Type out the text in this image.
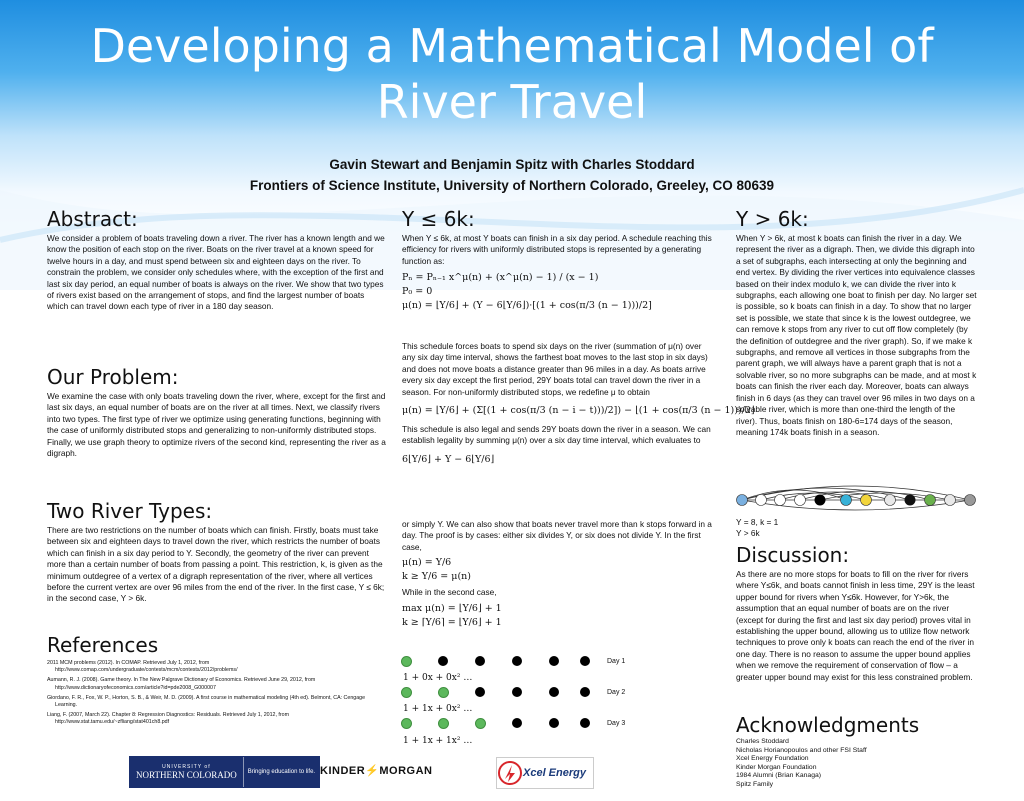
Developing a Mathematical Model of
River Travel
Gavin Stewart and Benjamin Spitz with Charles Stoddard
Frontiers of Science Institute, University of Northern Colorado, Greeley, CO 80639
Abstract:

We consider a problem of boats traveling down a river. The river has a known length and we know the position of each stop on the river. Boats on the river travel at a known speed for twelve hours in a day, and must spend between six and eighteen days on the river. To constrain the problem, we consider only schedules where, with the exception of the first and last six day period, an equal number of boats is always on the river. We show that two types of rivers exist based on the arrangement of stops, and find the largest number of boats which can travel down each type of river in a 180 day season.

Our Problem:

We examine the case with only boats traveling down the river, where, except for the first and last six days, an equal number of boats are on the river at all times. Next, we classify rivers into two types. The first type of river we optimize using generating functions, beginning with the case of uniformly distributed stops and generalizing to non-uniformly distributed stops. Finally, we use graph theory to optimize rivers of the second kind, representing the river as a digraph.

Two River Types:

There are two restrictions on the number of boats which can finish. Firstly, boats must take between six and eighteen days to travel down the river, which restricts the number of boats which can finish in a six day period to Y. Secondly, the geometry of the river can prevent more than a certain number of boats from passing a point. This restriction, k, is given as the minimum outdegree of a vertex of a digraph representation of the river, where all vertices before the current vertex are over 96 miles from the end of the river. In the first case, Y ≤ 6k; in the second case, Y > 6k.

References

2011 MCM problems (2012). In COMAP. Retrieved July 1, 2012, from http://www.comap.com/undergraduate/contests/mcm/contests/2012/problems/

Aumann, R. J. (2008). Game theory. In The New Palgrave Dictionary of Economics. Retrieved June 29, 2012, from http://www.dictionaryofeconomics.com/article?id=pde2008_G000007

Giordano, F. R., Fox, W. P., Horton, S. B., & Weir, M. D. (2009). A first course in mathematical modeling (4th ed). Belmont, CA: Cengage Learning.

Liang, F. (2007, March 22). Chapter 8: Regression Diagnostics: Residuals. Retrieved July 1, 2012, from http://www.stat.tamu.edu/~zfliang/stat401ch8.pdf

Y ≤ 6k:

When Y ≤ 6k, at most Y boats can finish in a six day period. A schedule reaching this efficiency for rivers with uniformly distributed stops is represented by a generating function as:

Pₙ = Pₙ₋₁ x^μ(n) + (x^μ(n) − 1) / (x − 1)
P₀ = 0
μ(n) = ⌊Y/6⌋ + (Y − 6⌊Y/6⌋)·[(1 + cos(π/3 (n − 1)))/2]

This schedule forces boats to spend six days on the river (summation of μ(n) over any six day time interval, shows the farthest boat moves to the last stop in six days) and does not move boats a distance greater than 96 miles in a day. As boats arrive every six day except the first period, 29Y boats total can travel down the river in a season. For non-uniformly distributed stops, we redefine μ to obtain

μ(n) = ⌊Y/6⌋ + (Σ[(1 + cos(π/3 (n − i − t)))/2]) − ⌊(1 + cos(π/3 (n − 1)))/2⌋

This schedule is also legal and sends 29Y boats down the river in a season. We can establish legality by summing μ(n) over a six day time interval, which evaluates to

6⌊Y/6⌋ + Y − 6⌊Y/6⌋

or simply Y. We can also show that boats never travel more than k stops forward in a day. The proof is by cases: either six divides Y, or six does not divide Y. In the first case,

μ(n) = Y/6
k ≥ Y/6 = μ(n)

While in the second case,

max μ(n) = ⌊Y/6⌋ + 1
k ≥ ⌈Y/6⌉ = ⌊Y/6⌋ + 1
Day 1
1 + 0x + 0x² …
Day 2
1 + 1x + 0x² …
Day 3
1 + 1x + 1x² …
Y > 6k:

When Y > 6k, at most k boats can finish the river in a day. We represent the river as a digraph. Then, we divide this digraph into a set of subgraphs, each intersecting at only the beginning and end vertex. By dividing the river vertices into equivalence classes based on their index modulo k, we can divide the river into k subgraphs, each allowing one boat to finish per day. No larger set is possible, so k boats can finish in a day. To show that no larger set is possible, we state that since k is the lowest outdegree, we can remove k stops from any river to cut off flow completely (by the definition of outdegree and the river graph). So, if we make k subgraphs, and remove all vertices in those subgraphs from the parent graph, we will always have a parent graph that is not a solvable river, so no more subgraphs can be made, and at most k boats can finish the river each day. Moreover, boats can always finish in 6 days (as they can travel over 96 miles in two days on a solvable river, which is more than one-third the length of the river). Thus, boats finish on 180-6=174 days of the season, meaning 174k boats finish in a season.

Y = 8, k = 1
Y > 6k
Discussion:

As there are no more stops for boats to fill on the river for rivers where Y≤6k, and boats cannot finish in less time, 29Y is the least upper bound for rivers when Y≤6k. However, for Y>6k, the assumption that an equal number of boats are on the river (except for during the first and last six day period) proves vital in establishing the upper bound, allowing us to utilize flow network techniques to prove only k boats can reach the end of the river in one day. There is no reason to assume the upper bound applies when we remove the requirement of conservation of flow – a greater upper bound may exist for this less constrained problem.

Acknowledgments
Charles Stoddard
Nicholas Horianopoulos and other FSI Staff
Xcel Energy Foundation
Kinder Morgan Foundation
1984 Alumni (Brian Kanaga)
Spitz Family
UNIVERSITY of
NORTHERN COLORADO Bringing education to life. KINDER⚡MORGAN	Xcel Energy
